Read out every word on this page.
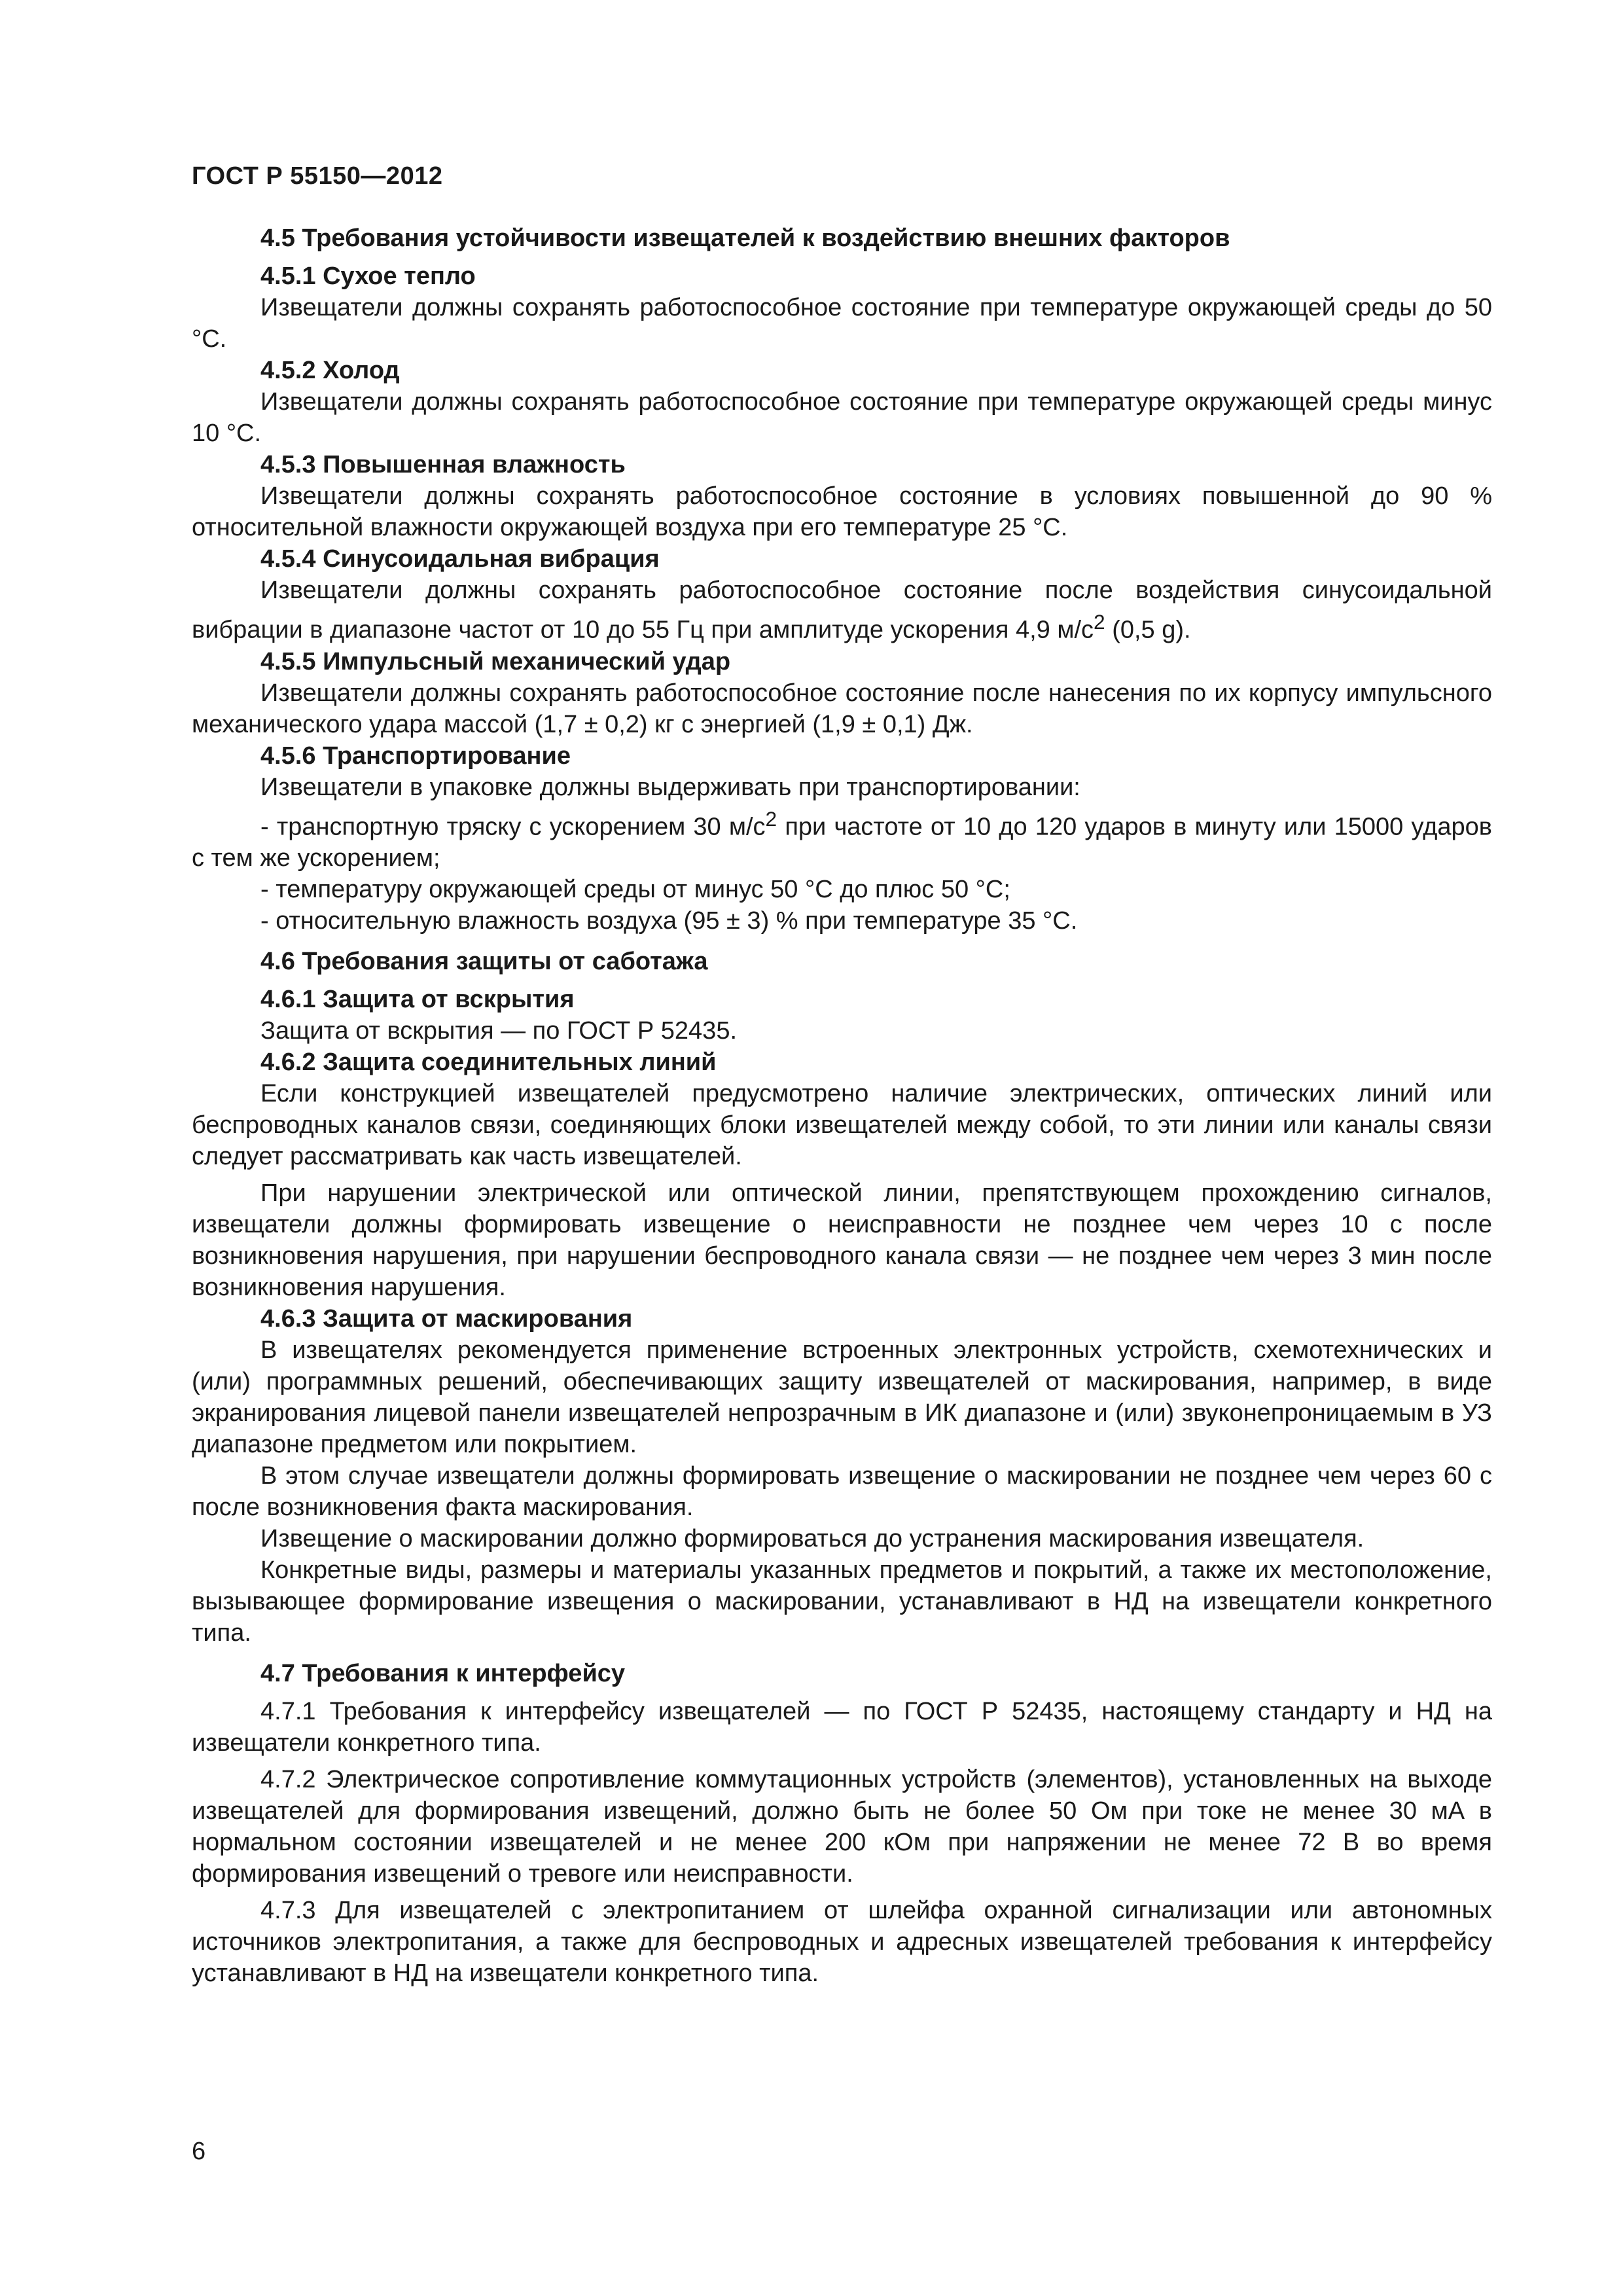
ГОСТ Р 55150—2012

4.5 Требования устойчивости извещателей к воздействию внешних факторов

4.5.1 Сухое тепло

Извещатели должны сохранять работоспособное состояние при температуре окружающей среды до 50 °С.

4.5.2 Холод

Извещатели должны сохранять работоспособное состояние при температуре окружающей среды минус 10 °С.

4.5.3 Повышенная влажность

Извещатели должны сохранять работоспособное состояние в условиях повышенной до 90 % относительной влажности окружающей воздуха при его температуре 25 °С.

4.5.4 Синусоидальная вибрация

Извещатели должны сохранять работоспособное состояние после воздействия синусоидальной вибрации в диапазоне частот от 10 до 55 Гц при амплитуде ускорения 4,9 $м/с^2$ (0,5 g).

4.5.5 Импульсный механический удар

Извещатели должны сохранять работоспособное состояние после нанесения по их корпусу импульсного механического удара массой (1,7 ± 0,2) кг с энергией (1,9 ± 0,1) Дж.

4.5.6 Транспортирование

Извещатели в упаковке должны выдерживать при транспортировании:

- транспортную тряску с ускорением 30 $м/с^2$ при частоте от 10 до 120 ударов в минуту или 15000 ударов с тем же ускорением;

- температуру окружающей среды от минус 50 °С до плюс 50 °С;

- относительную влажность воздуха (95 ± 3) % при температуре 35 °С.

4.6 Требования защиты от саботажа

4.6.1 Защита от вскрытия

Защита от вскрытия — по ГОСТ Р 52435.

4.6.2 Защита соединительных линий

Если конструкцией извещателей предусмотрено наличие электрических, оптических линий или беспроводных каналов связи, соединяющих блоки извещателей между собой, то эти линии или каналы связи следует рассматривать как часть извещателей.

При нарушении электрической или оптической линии, препятствующем прохождению сигналов, извещатели должны формировать извещение о неисправности не позднее чем через 10 с после возникновения нарушения, при нарушении беспроводного канала связи — не позднее чем через 3 мин после возникновения нарушения.

4.6.3 Защита от маскирования

В извещателях рекомендуется применение встроенных электронных устройств, схемотехнических и (или) программных решений, обеспечивающих защиту извещателей от маскирования, например, в виде экранирования лицевой панели извещателей непрозрачным в ИК диапазоне и (или) звуконепроницаемым в УЗ диапазоне предметом или покрытием.

В этом случае извещатели должны формировать извещение о маскировании не позднее чем через 60 с после возникновения факта маскирования.

Извещение о маскировании должно формироваться до устранения маскирования извещателя.

Конкретные виды, размеры и материалы указанных предметов и покрытий, а также их местоположение, вызывающее формирование извещения о маскировании, устанавливают в НД на извещатели конкретного типа.

4.7 Требования к интерфейсу

4.7.1 Требования к интерфейсу извещателей — по ГОСТ Р 52435, настоящему стандарту и НД на извещатели конкретного типа.

4.7.2 Электрическое сопротивление коммутационных устройств (элементов), установленных на выходе извещателей для формирования извещений, должно быть не более 50 Ом при токе не менее 30 мА в нормальном состоянии извещателей и не менее 200 кОм при напряжении не менее 72 В во время формирования извещений о тревоге или неисправности.

4.7.3 Для извещателей с электропитанием от шлейфа охранной сигнализации или автономных источников электропитания, а также для беспроводных и адресных извещателей требования к интерфейсу устанавливают в НД на извещатели конкретного типа.

6
